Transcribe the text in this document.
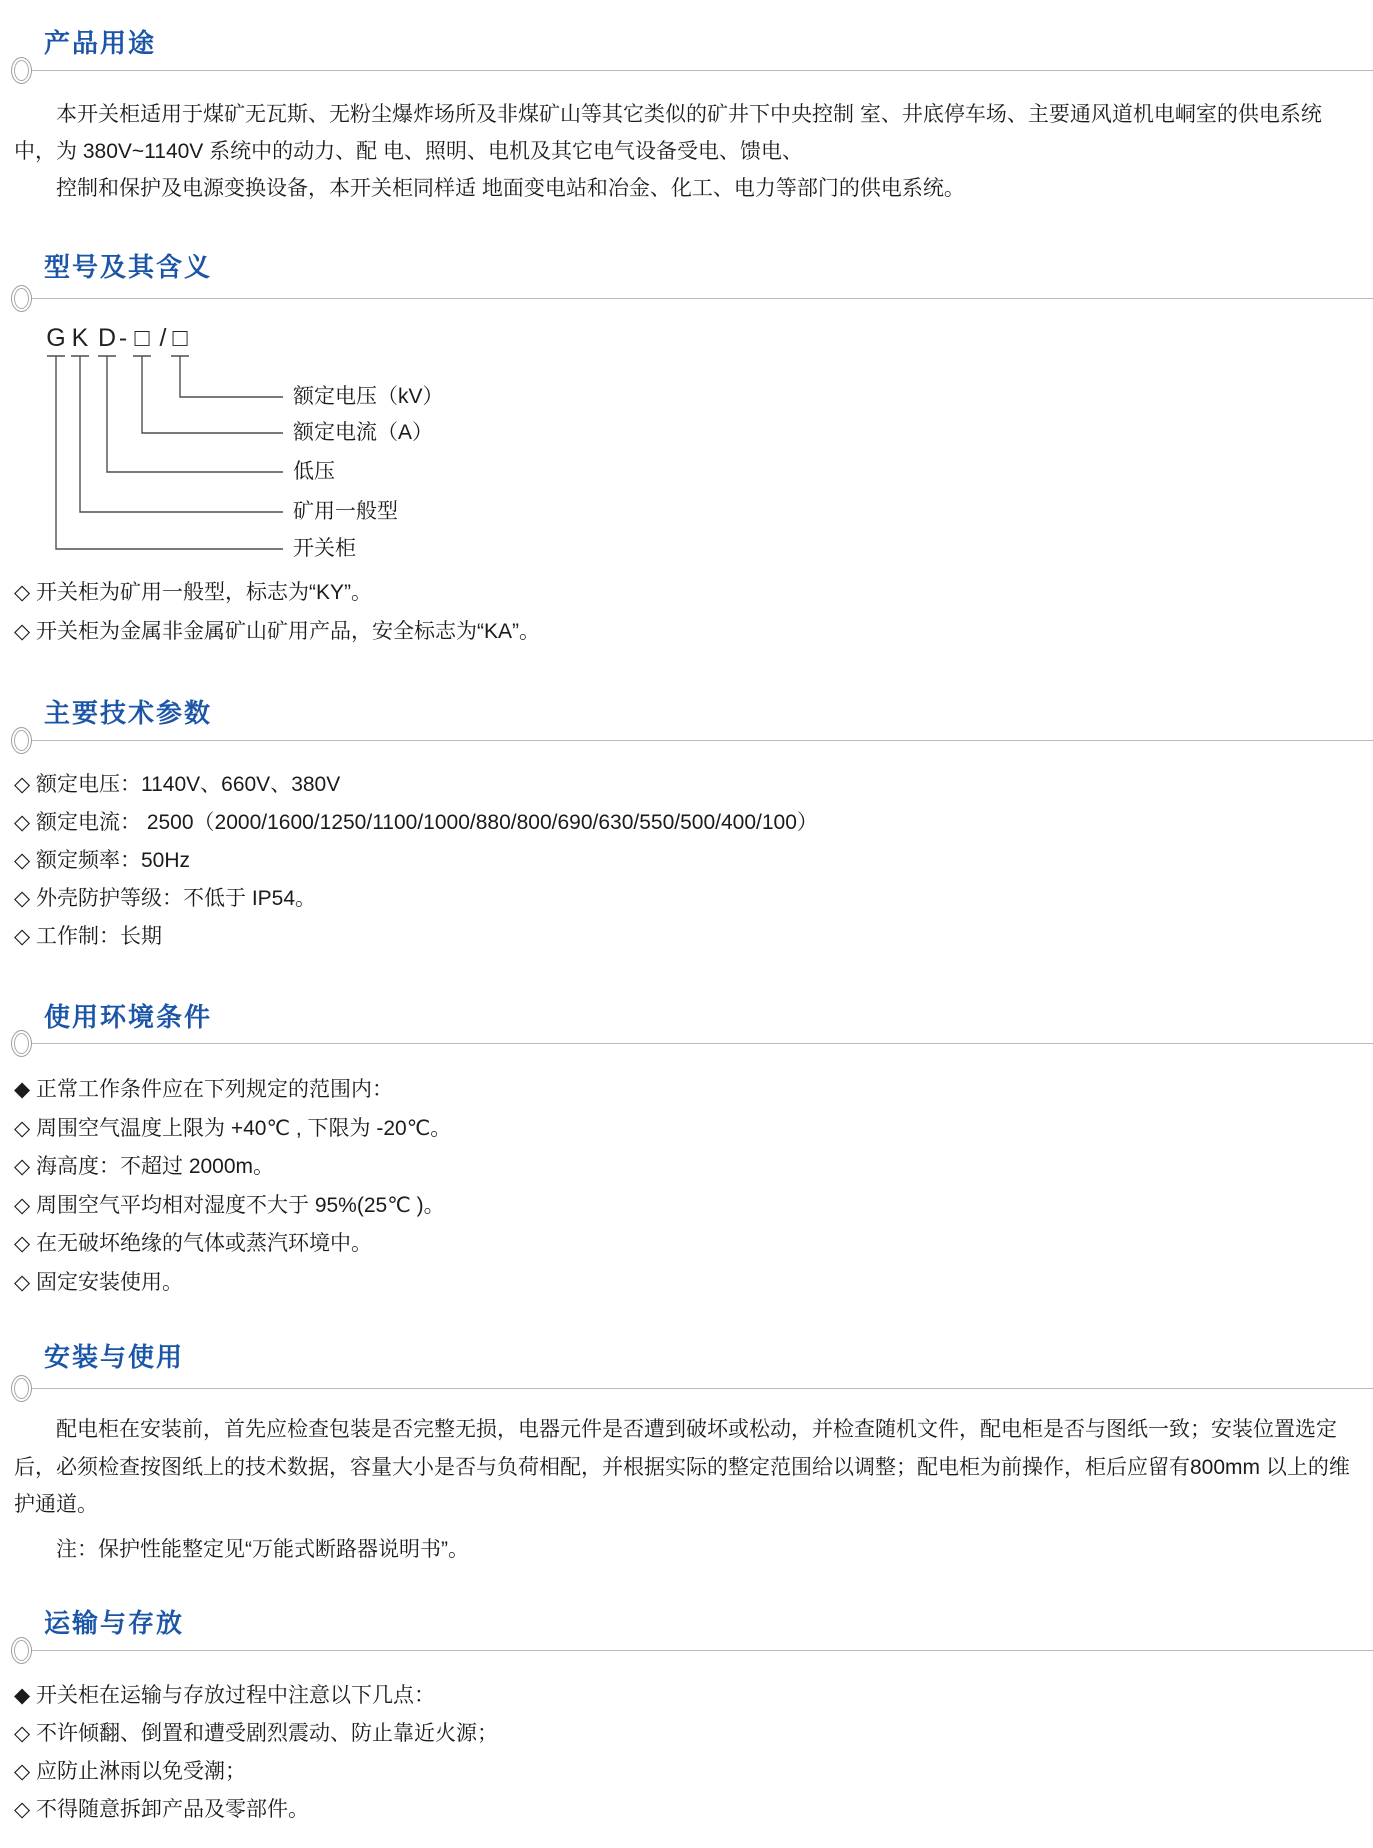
产品用途

本开关柜适用于煤矿无瓦斯、无粉尘爆炸场所及非煤矿山等其它类似的矿井下中央控制 室、井底停车场、主要通风道机电峒室的供电系统中，为 380V~1140V 系统中的动力、配 电、照明、电机及其它电气设备受电、馈电、

控制和保护及电源变换设备，本开关柜同样适 地面变电站和冶金、化工、电力等部门的供电系统。

型号及其含义
G K D - □ / □
额定电压（kV）
额定电流（A）
低压
矿用一般型
开关柜

◇ 开关柜为矿用一般型，标志为“KY”。

◇ 开关柜为金属非金属矿山矿用产品，安全标志为“KA”。

主要技术参数

◇ 额定电压：1140V、660V、380V

◇ 额定电流： 2500（2000/1600/1250/1100/1000/880/800/690/630/550/500/400/100）

◇ 额定频率：50Hz

◇ 外壳防护等级：不低于 IP54。

◇ 工作制：长期

使用环境条件

◆ 正常工作条件应在下列规定的范围内：

◇ 周围空气温度上限为 +40℃ , 下限为 -20℃。

◇ 海高度：不超过 2000m。

◇ 周围空气平均相对湿度不大于 95%(25℃ )。

◇ 在无破坏绝缘的气体或蒸汽环境中。

◇ 固定安装使用。

安装与使用

配电柜在安装前，首先应检查包装是否完整无损，电器元件是否遭到破坏或松动，并检查随机文件，配电柜是否与图纸一致；安装位置选定后，必须检查按图纸上的技术数据，容量大小是否与负荷相配，并根据实际的整定范围给以调整；配电柜为前操作，柜后应留有800mm 以上的维护通道。

注：保护性能整定见“万能式断路器说明书”。

运输与存放

◆ 开关柜在运输与存放过程中注意以下几点：

◇ 不许倾翻、倒置和遭受剧烈震动、防止靠近火源；

◇ 应防止淋雨以免受潮；

◇ 不得随意拆卸产品及零部件。
